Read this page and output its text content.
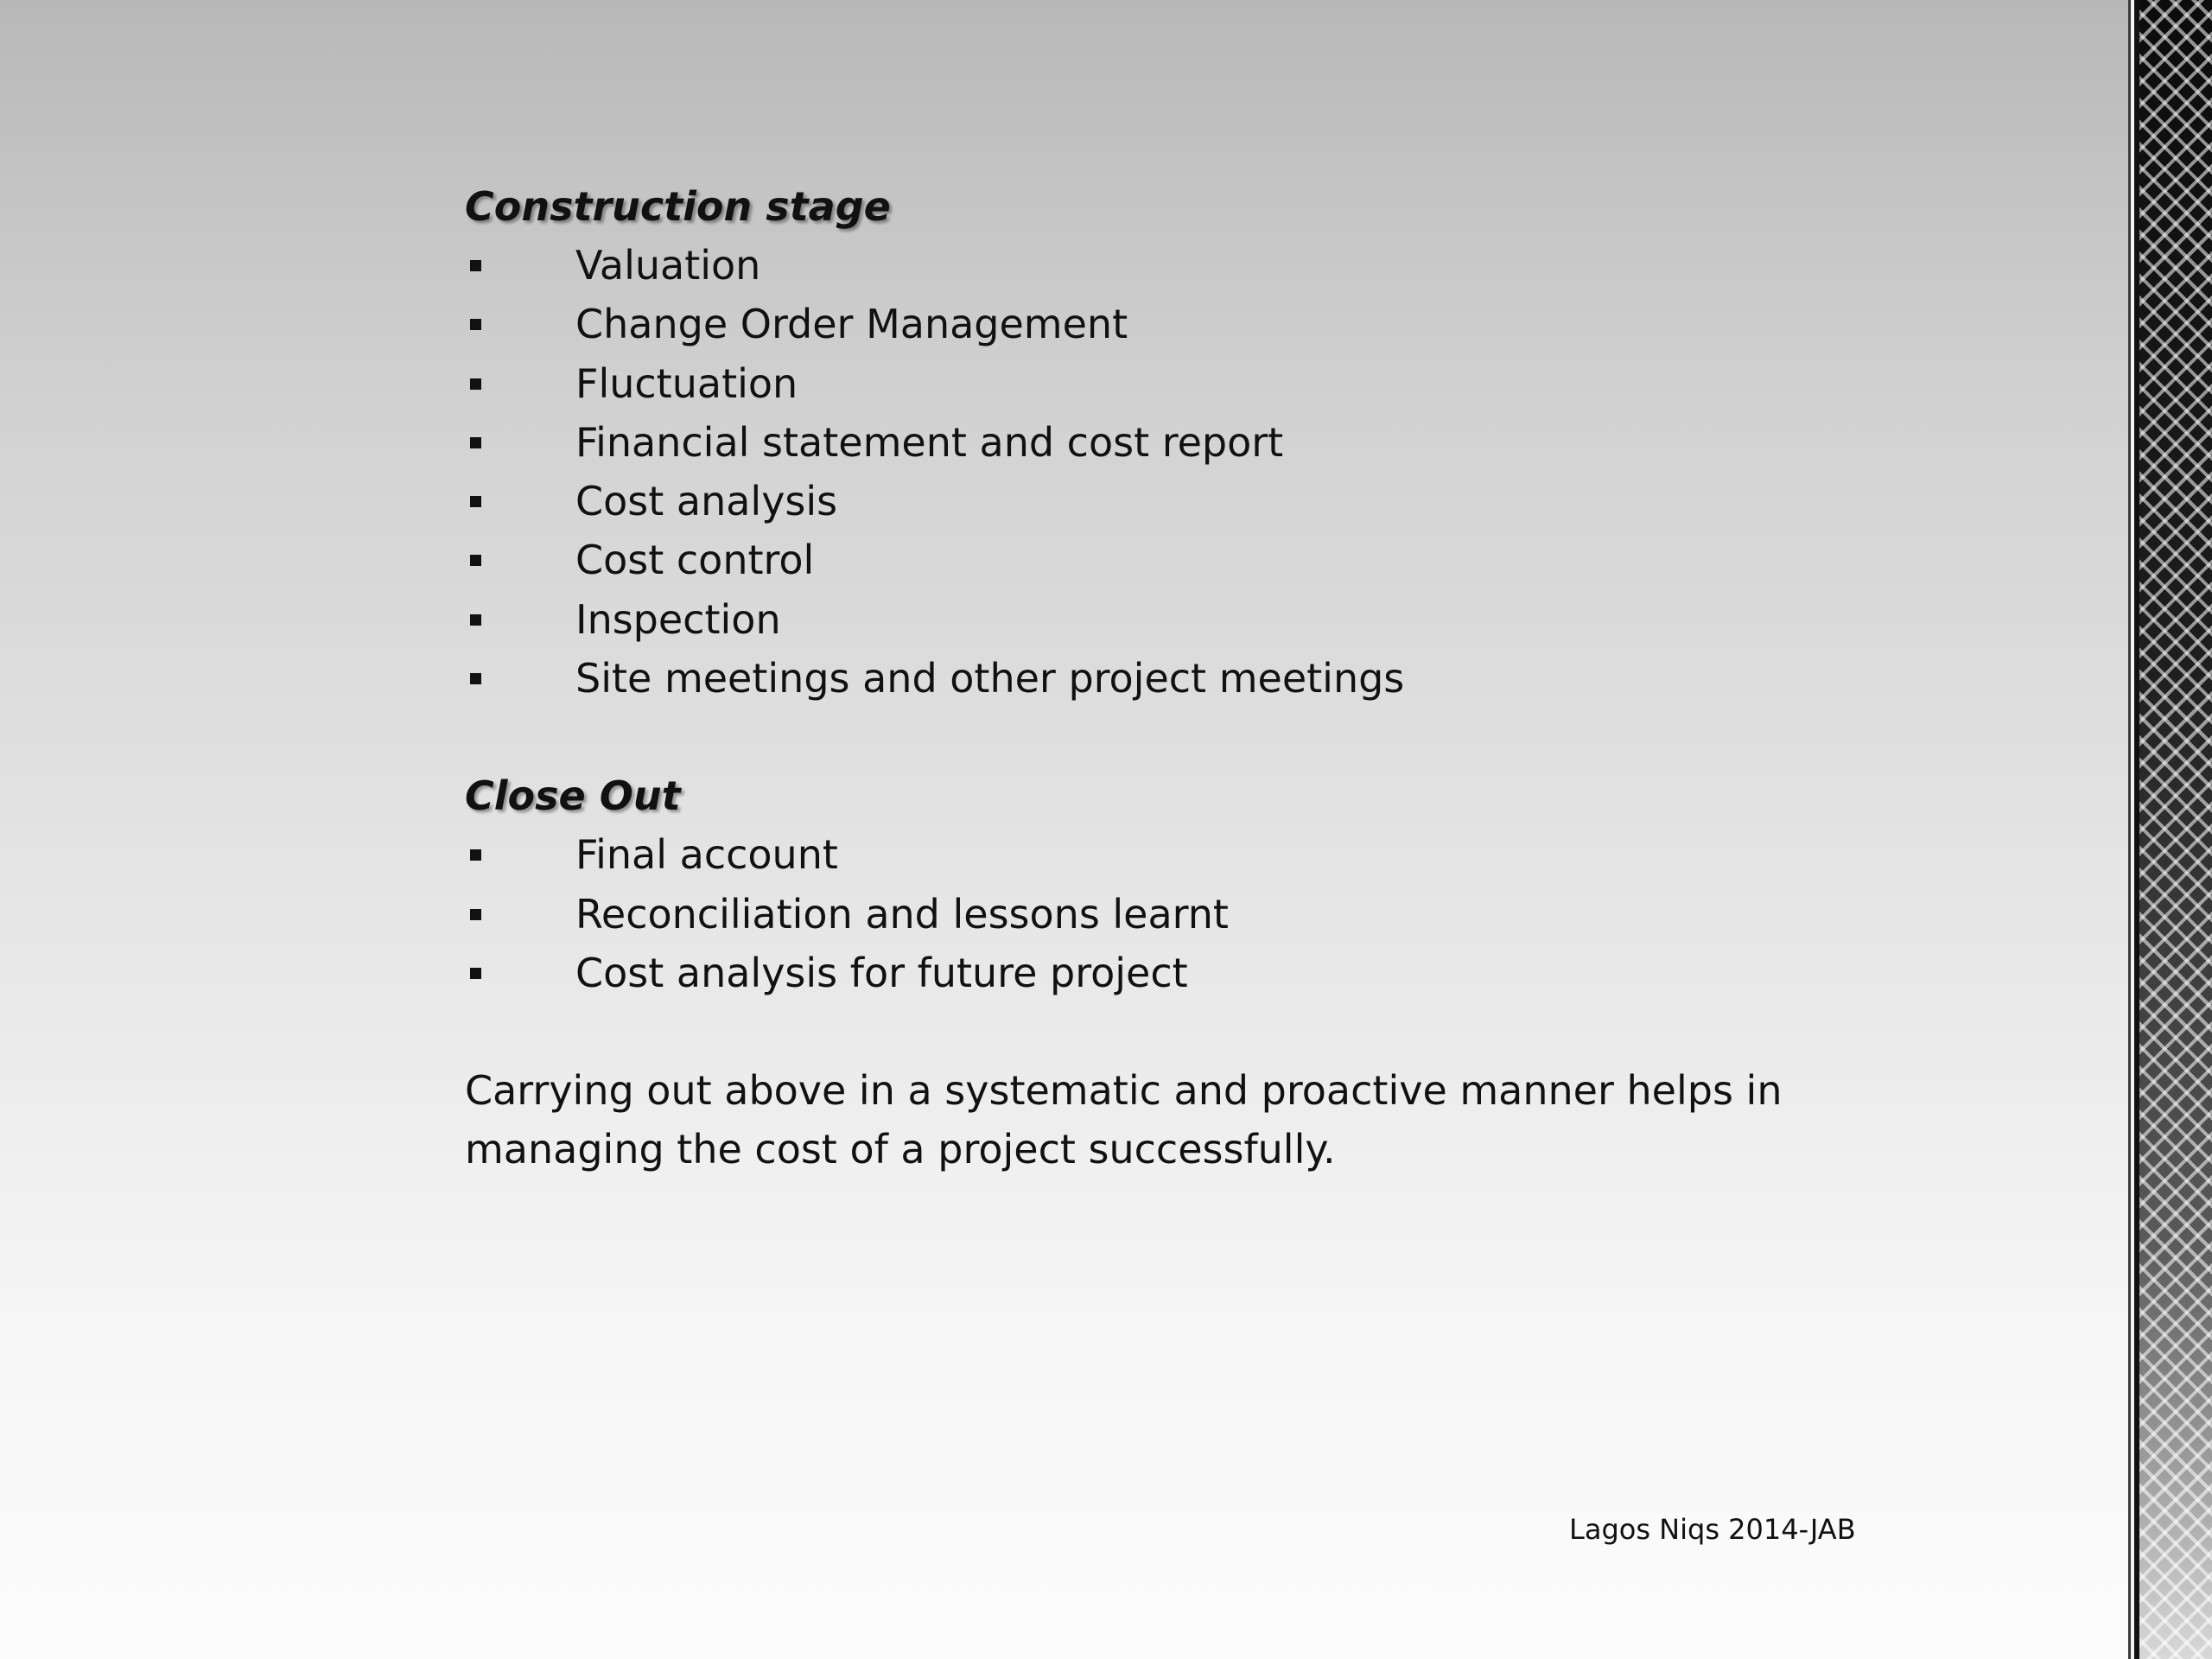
Construction stage
Valuation
Change Order Management
Fluctuation
Financial statement and cost report
Cost analysis
Cost control
Inspection
Site meetings and other project meetings
Close Out
Final account
Reconciliation and lessons learnt
Cost analysis for future project

Carrying out above in a systematic and proactive manner helps in managing the cost of a project successfully.

Lagos Niqs 2014-JAB
